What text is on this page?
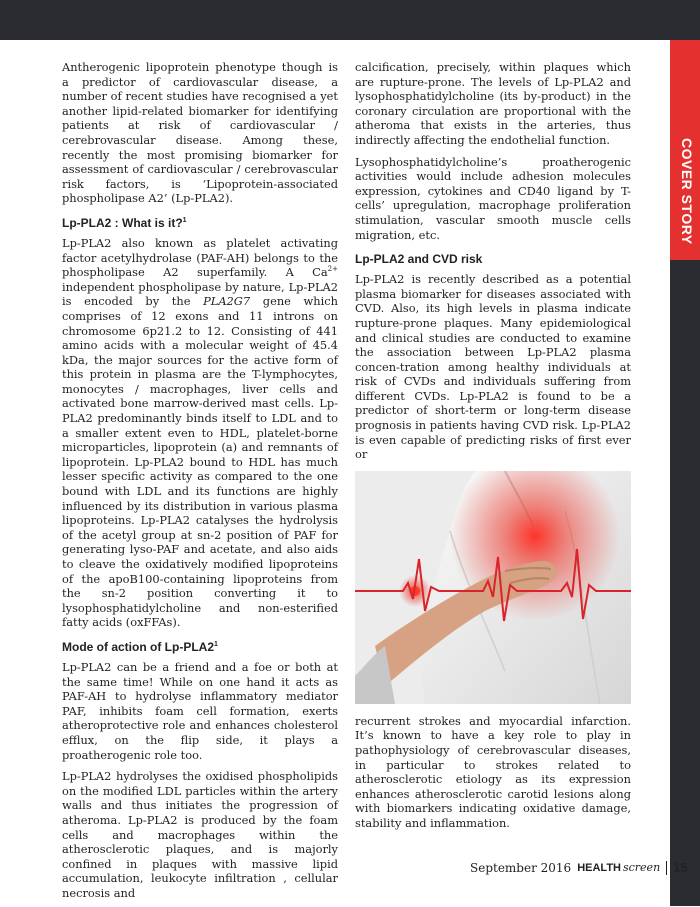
COVER STORY

Antherogenic lipoprotein phenotype though is a predictor of cardiovascular disease, a number of recent studies have recognised a yet another lipid-related biomarker for identifying patients at risk of cardiovascular / cerebrovascular disease. Among these, recently the most promising biomarker for assessment of cardiovascular / cerebrovascular risk factors, is ‘Lipoprotein-associated phospholipase A2’ (Lp-PLA2).

Lp-PLA2 : What is it?$^1$

Lp-PLA2 also known as platelet activating factor acetylhydrolase (PAF-AH) belongs to the phospholipase A2 superfamily. A $Ca^{2+}$ independent phospholipase by nature, Lp-PLA2 is encoded by the PLA2G7 gene which comprises of 12 exons and 11 introns on chromosome 6p21.2 to 12. Consisting of 441 amino acids with a molecular weight of 45.4 kDa, the major sources for the active form of this protein in plasma are the T-lymphocytes, monocytes / macrophages, liver cells and activated bone marrow-derived mast cells. Lp-PLA2 predominantly binds itself to LDL and to a smaller extent even to HDL, platelet-borne microparticles, lipoprotein (a) and remnants of lipoprotein. Lp-PLA2 bound to HDL has much lesser specific activity as compared to the one bound with LDL and its functions are highly influenced by its distribution in various plasma lipoproteins. Lp-PLA2 catalyses the hydrolysis of the acetyl group at sn-2 position of PAF for generating lyso-PAF and acetate, and also aids to cleave the oxidatively modified lipoproteins of the apoB100-containing lipoproteins from the sn-2 position converting it to lysophosphatidylcholine and non-esterified fatty acids (oxFFAs).

Mode of action of $Lp-PLA2^1$

Lp-PLA2 can be a friend and a foe or both at the same time! While on one hand it acts as PAF-AH to hydrolyse inflammatory mediator PAF, inhibits foam cell formation, exerts atheroprotective role and enhances cholesterol efflux, on the flip side, it plays a proatherogenic role too.

Lp-PLA2 hydrolyses the oxidised phospholipids on the modified LDL particles within the artery walls and thus initiates the progression of atheroma. Lp-PLA2 is produced by the foam cells and macrophages within the atherosclerotic plaques, and is majorly confined in plaques with massive lipid accumulation, leukocyte infiltration , cellular necrosis and

calcification, precisely, within plaques which are rupture-prone. The levels of Lp-PLA2 and lysophosphatidylcholine (its by-product) in the coronary circulation are proportional with the atheroma that exists in the arteries, thus indirectly affecting the endothelial function.

Lysophosphatidylcholine’s proatherogenic activities would include adhesion molecules expression, cytokines and CD40 ligand by T-cells’ upregulation, macrophage proliferation stimulation, vascular smooth muscle cells migration, etc.

Lp-PLA2 and CVD risk

Lp-PLA2 is recently described as a potential plasma biomarker for diseases associated with CVD. Also, its high levels in plasma indicate rupture-prone plaques. Many epidemiological and clinical studies are conducted to examine the association between Lp-PLA2 plasma concen-tration among healthy individuals at risk of CVDs and individuals suffering from different CVDs. Lp-PLA2 is found to be a predictor of short-term or long-term disease prognosis in patients having CVD risk. Lp-PLA2 is even capable of predicting risks of first ever or

recurrent strokes and myocardial infarction. It’s known to have a key role to play in pathophysiology of cerebrovascular diseases, in particular to strokes related to atherosclerotic etiology as its expression enhances atherosclerotic carotid lesions along with biomarkers indicating oxidative damage, stability and inflammation.

September 2016 HEALTH screen 15
